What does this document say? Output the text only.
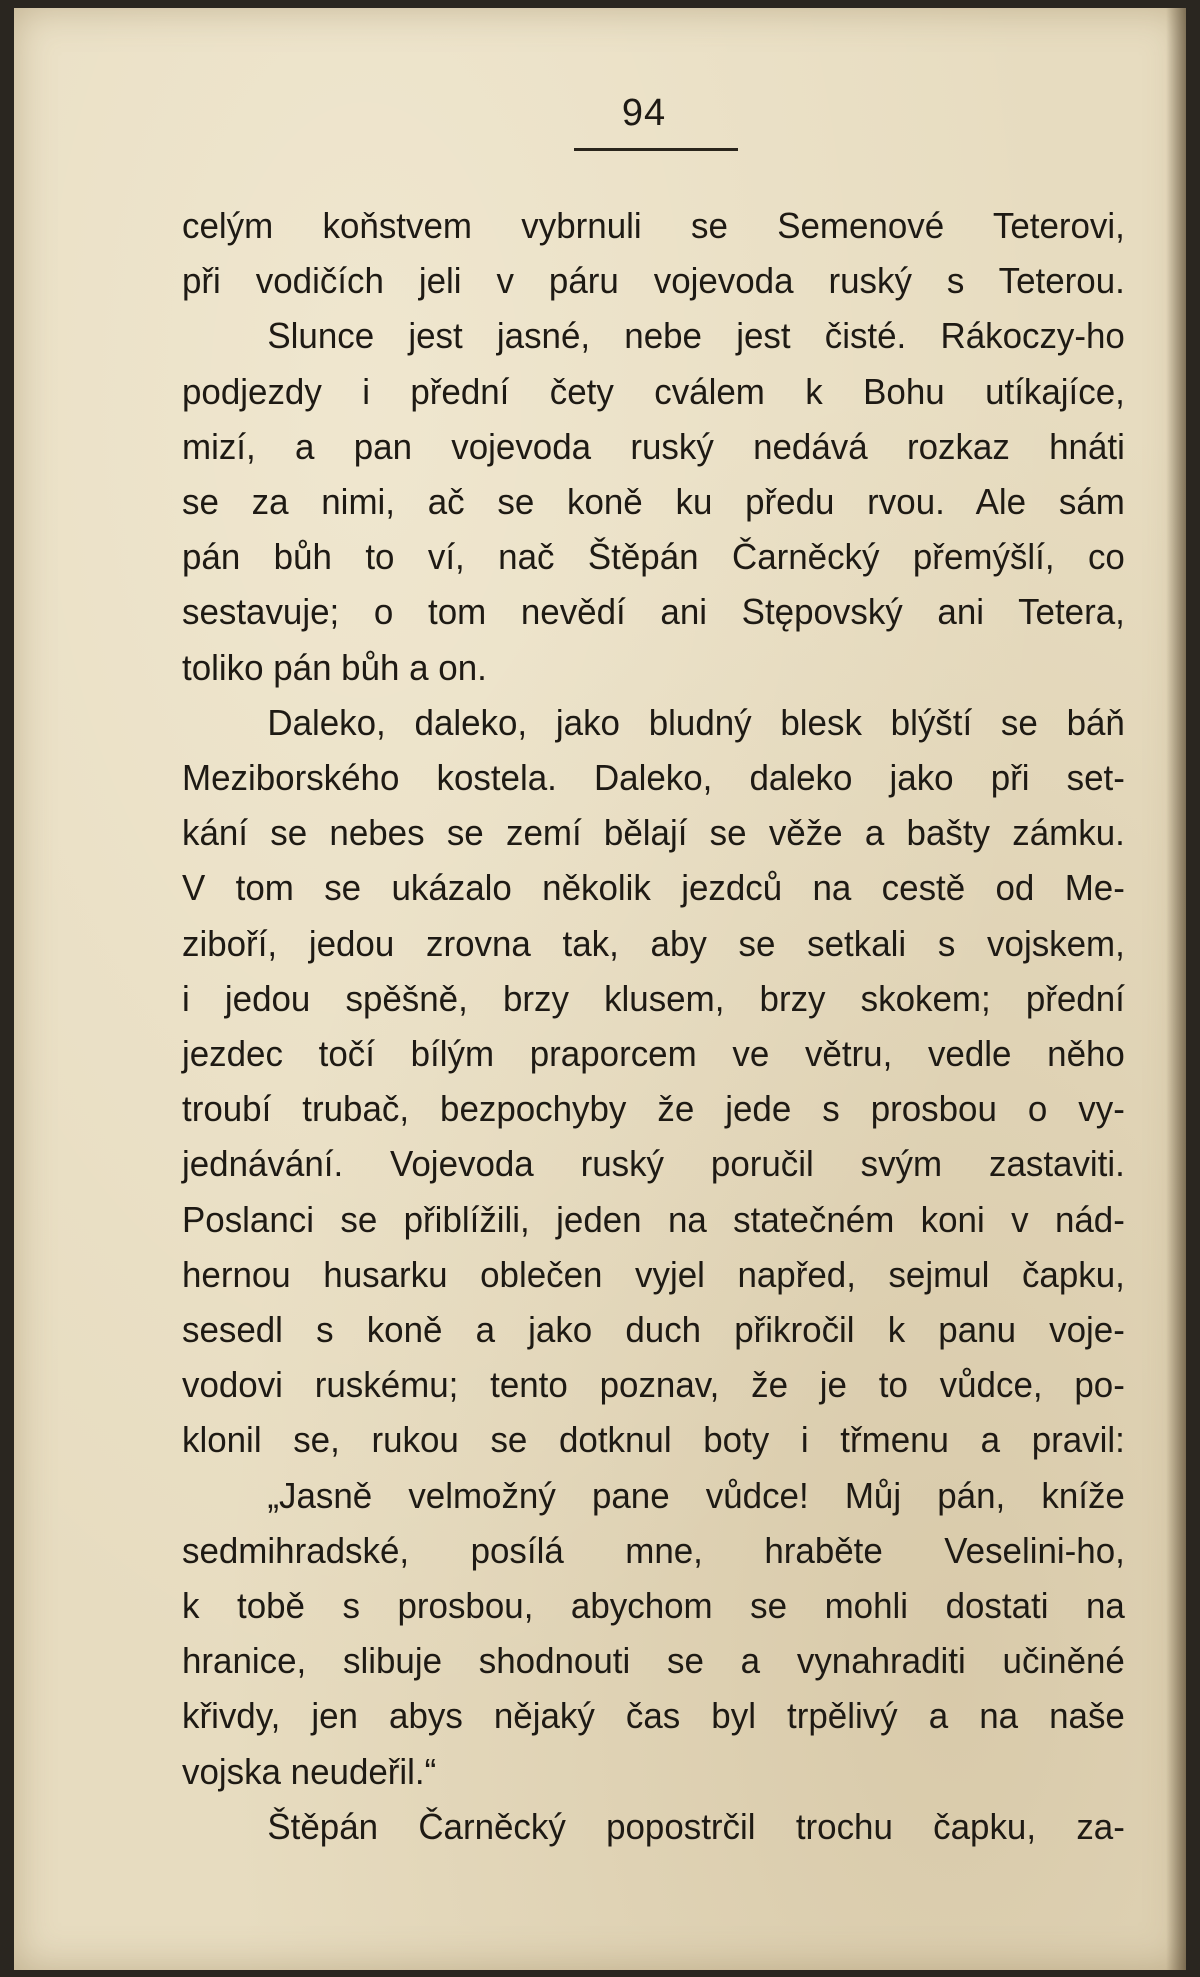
94
celým koňstvem vybrnuli se Semenové Teterovi,
při vodičích jeli v páru vojevoda ruský s Teterou.
Slunce jest jasné, nebe jest čisté. Rákoczy-ho
podjezdy i přední čety cválem k Bohu utíkajíce,
mizí, a pan vojevoda ruský nedává rozkaz hnáti
se za nimi, ač se koně ku předu rvou. Ale sám
pán bůh to ví, nač Štěpán Čarněcký přemýšlí, co
sestavuje; o tom nevědí ani Stępovský ani Tetera,
toliko pán bůh a on.
Daleko, daleko, jako bludný blesk blýští se báň
Meziborského kostela. Daleko, daleko jako při set-
kání se nebes se zemí bělají se věže a bašty zámku.
V tom se ukázalo několik jezdců na cestě od Me-
ziboří, jedou zrovna tak, aby se setkali s vojskem,
i jedou spěšně, brzy klusem, brzy skokem; přední
jezdec točí bílým praporcem ve větru, vedle něho
troubí trubač, bezpochyby že jede s prosbou o vy-
jednávání. Vojevoda ruský poručil svým zastaviti.
Poslanci se přiblížili, jeden na statečném koni v nád-
hernou husarku oblečen vyjel napřed, sejmul čapku,
sesedl s koně a jako duch přikročil k panu voje-
vodovi ruskému; tento poznav, že je to vůdce, po-
klonil se, rukou se dotknul boty i třmenu a pravil:
„Jasně velmožný pane vůdce! Můj pán, kníže
sedmihradské, posílá mne, hraběte Veselini-ho,
k tobě s prosbou, abychom se mohli dostati na
hranice, slibuje shodnouti se a vynahraditi učiněné
křivdy, jen abys nějaký čas byl trpělivý a na naše
vojska neudeřil.“
Štěpán Čarněcký popostrčil trochu čapku, za-
